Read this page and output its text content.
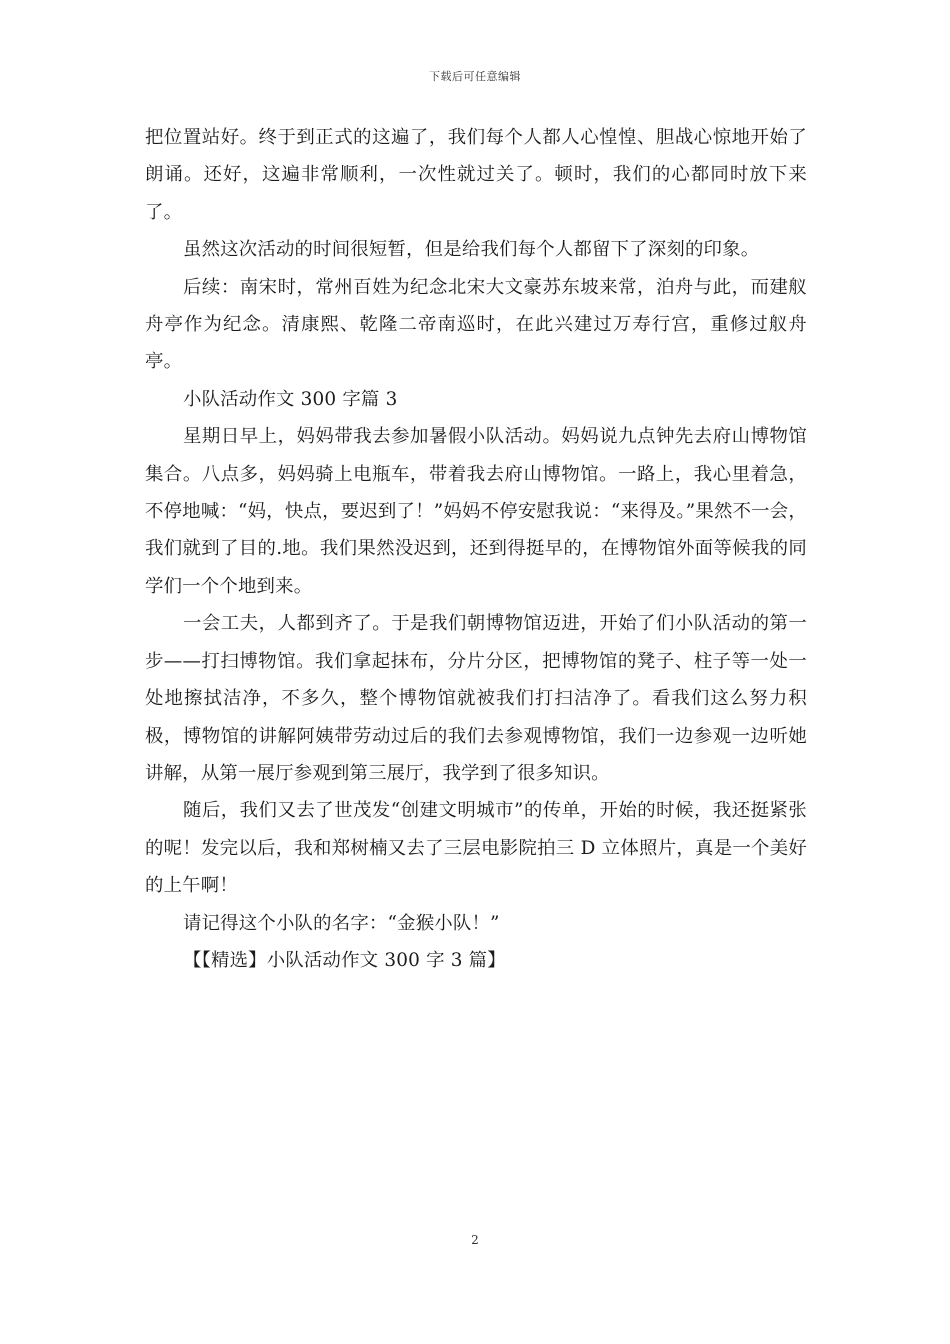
下载后可任意编辑

把位置站好。终于到正式的这遍了，我们每个人都人心惶惶、胆战心惊地开始了朗诵。还好，这遍非常顺利，一次性就过关了。顿时，我们的心都同时放下来了。

虽然这次活动的时间很短暂，但是给我们每个人都留下了深刻的印象。

后续：南宋时，常州百姓为纪念北宋大文豪苏东坡来常，泊舟与此，而建舣舟亭作为纪念。清康熙、乾隆二帝南巡时，在此兴建过万寿行宫，重修过舣舟亭。

小队活动作文 300 字篇 3

星期日早上，妈妈带我去参加暑假小队活动。妈妈说九点钟先去府山博物馆集合。八点多，妈妈骑上电瓶车，带着我去府山博物馆。一路上，我心里着急，不停地喊：“妈，快点，要迟到了！”妈妈不停安慰我说：“来得及。”果然不一会，我们就到了目的.地。我们果然没迟到，还到得挺早的，在博物馆外面等候我的同学们一个个地到来。

一会工夫，人都到齐了。于是我们朝博物馆迈进，开始了们小队活动的第一步——打扫博物馆。我们拿起抹布，分片分区，把博物馆的凳子、柱子等一处一处地擦拭洁净，不多久，整个博物馆就被我们打扫洁净了。看我们这么努力积极，博物馆的讲解阿姨带劳动过后的我们去参观博物馆，我们一边参观一边听她讲解，从第一展厅参观到第三展厅，我学到了很多知识。

随后，我们又去了世茂发“创建文明城市”的传单，开始的时候，我还挺紧张的呢！发完以后，我和郑树楠又去了三层电影院拍三 D 立体照片，真是一个美好的上午啊！

请记得这个小队的名字：“金猴小队！”

【【精选】小队活动作文 300 字 3 篇】

2
